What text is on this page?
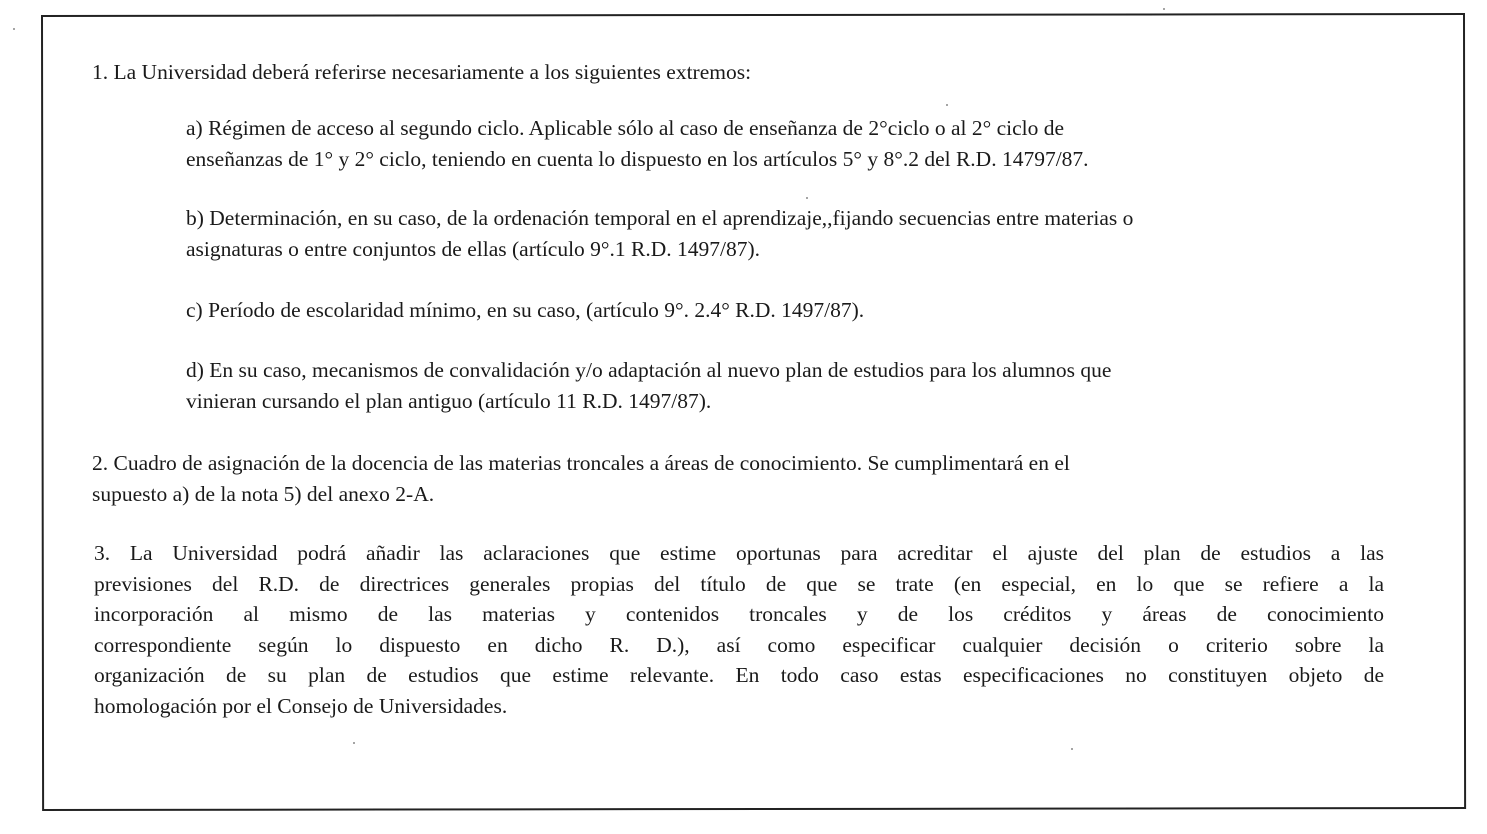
1. La Universidad deberá referirse necesariamente a los siguientes extremos:

a) Régimen de acceso al segundo ciclo. Aplicable sólo al caso de enseñanza de 2°ciclo o al 2° ciclo de
enseñanzas de 1° y 2° ciclo, teniendo en cuenta lo dispuesto en los artículos 5° y 8°.2 del R.D. 14797/87.
b) Determinación, en su caso, de la ordenación temporal en el aprendizaje,,fijando secuencias entre materias o
asignaturas o entre conjuntos de ellas (artículo 9°.1 R.D. 1497/87).
c) Período de escolaridad mínimo, en su caso, (artículo 9°. 2.4° R.D. 1497/87).
d) En su caso, mecanismos de convalidación y/o adaptación al nuevo plan de estudios para los alumnos que
vinieran cursando el plan antiguo (artículo 11 R.D. 1497/87).
2. Cuadro de asignación de la docencia de las materias troncales a áreas de conocimiento. Se cumplimentará en el
supuesto a) de la nota 5) del anexo 2-A.
3. La Universidad podrá añadir las aclaraciones que estime oportunas para acreditar el ajuste del plan de estudios a las
previsiones del R.D. de directrices generales propias del título de que se trate (en especial, en lo que se refiere a la
incorporación al mismo de las materias y contenidos troncales y de los créditos y áreas de conocimiento
correspondiente según lo dispuesto en dicho R. D.), así como especificar cualquier decisión o criterio sobre la
organización de su plan de estudios que estime relevante. En todo caso estas especificaciones no constituyen objeto de
homologación por el Consejo de Universidades.
